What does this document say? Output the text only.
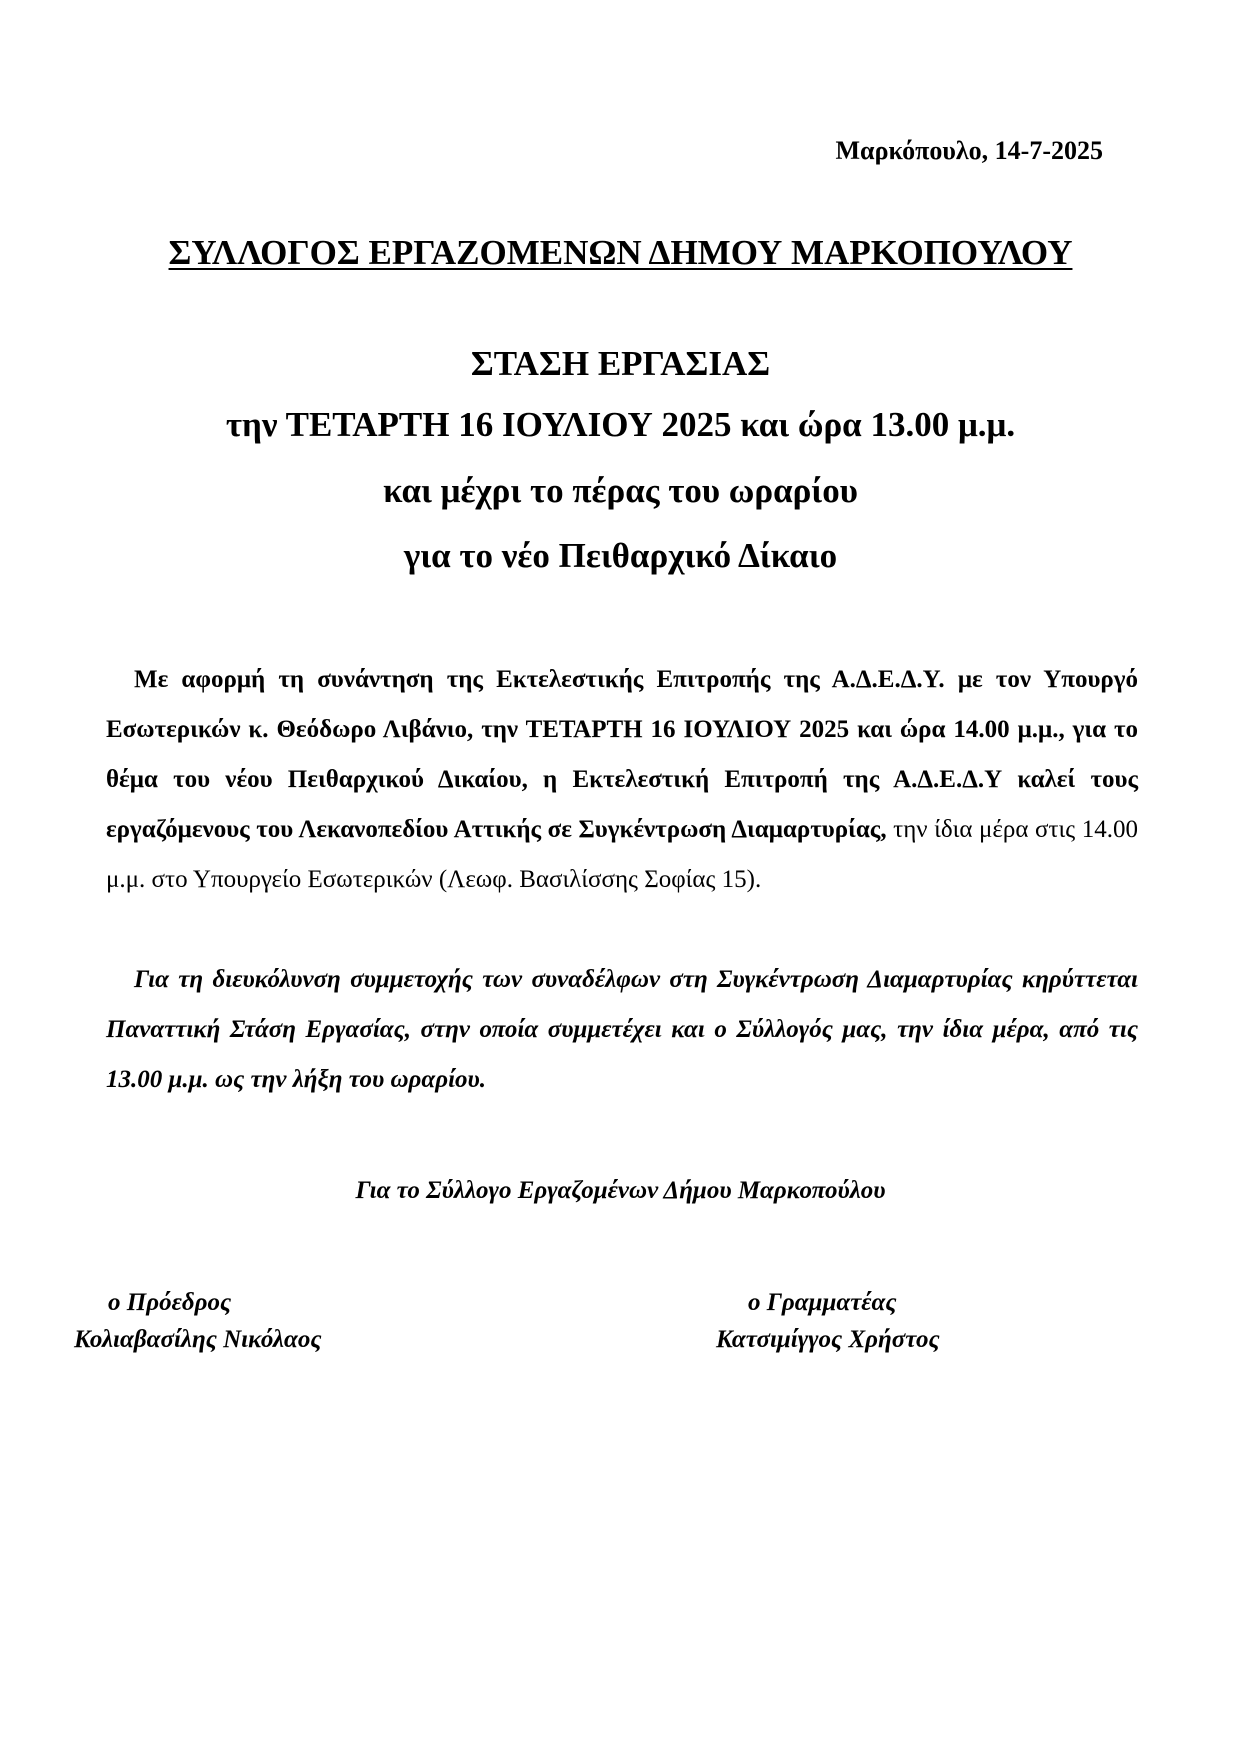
Μαρκόπουλο, 14-7-2025
ΣΥΛΛΟΓΟΣ ΕΡΓΑΖΟΜΕΝΩΝ ΔΗΜΟΥ ΜΑΡΚΟΠΟΥΛΟΥ
ΣΤΑΣΗ ΕΡΓΑΣΙΑΣ
την ΤΕΤΑΡΤΗ 16 ΙΟΥΛΙΟΥ 2025 και ώρα 13.00 μ.μ.
και μέχρι το πέρας του ωραρίου
για το νέο Πειθαρχικό Δίκαιο
Με αφορμή τη συνάντηση της Εκτελεστικής Επιτροπής της Α.Δ.Ε.Δ.Υ. με τον Υπουργό Εσωτερικών κ. Θεόδωρο Λιβάνιο, την ΤΕΤΑΡΤΗ 16 ΙΟΥΛΙΟΥ 2025 και ώρα 14.00 μ.μ., για το θέμα του νέου Πειθαρχικού Δικαίου, η Εκτελεστική Επιτροπή της Α.Δ.Ε.Δ.Υ καλεί τους εργαζόμενους του Λεκανοπεδίου Αττικής σε Συγκέντρωση Διαμαρτυρίας, την ίδια μέρα στις 14.00 μ.μ. στο Υπουργείο Εσωτερικών (Λεωφ. Βασιλίσσης Σοφίας 15).
Για τη διευκόλυνση συμμετοχής των συναδέλφων στη Συγκέντρωση Διαμαρτυρίας κηρύττεται Παναττική Στάση Εργασίας, στην οποία συμμετέχει και ο Σύλλογός μας, την ίδια μέρα, από τις 13.00 μ.μ. ως την λήξη του ωραρίου.
Για το Σύλλογο Εργαζομένων Δήμου Μαρκοπούλου
ο Πρόεδρος
Κολιαβασίλης Νικόλαος
ο Γραμματέας
Κατσιμίγγος Χρήστος
